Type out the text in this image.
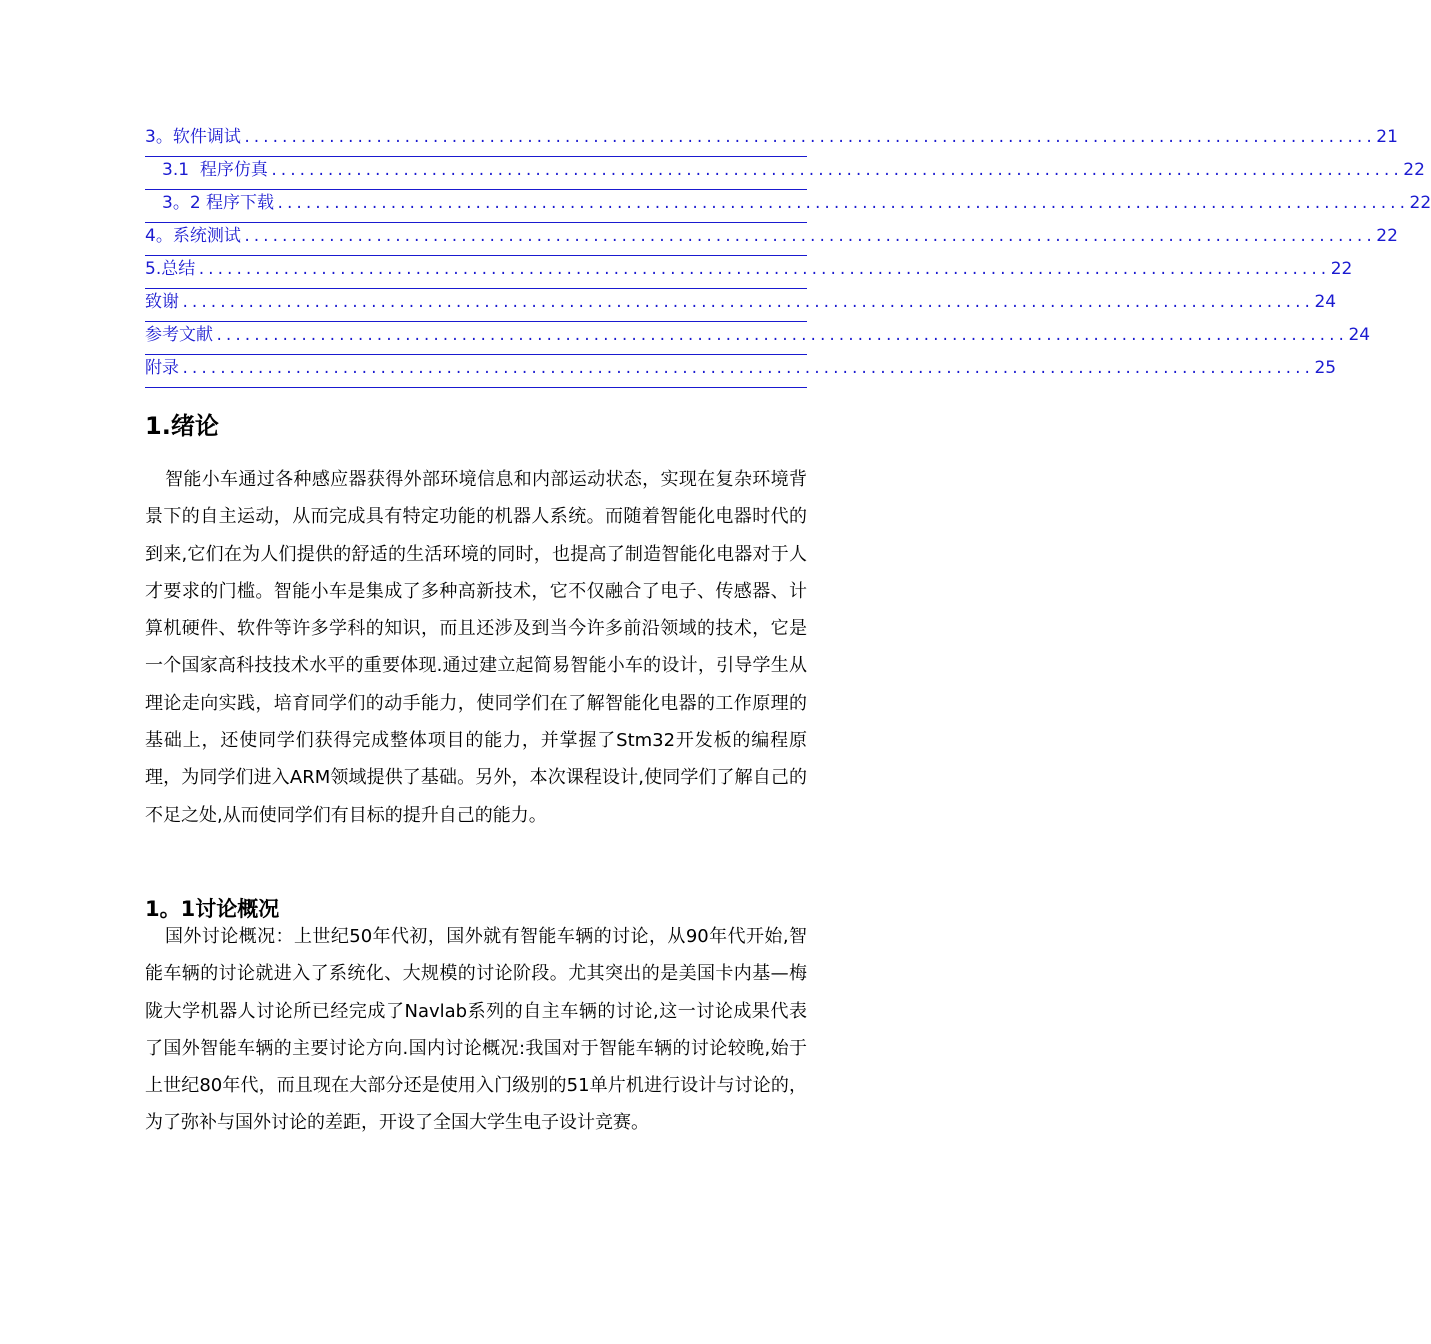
3。软件调试 ........................................................................................................................ 21
3.1  程序仿真 ........................................................................................................................ 22
3。2 程序下载 ........................................................................................................................ 22
4。系统测试 ........................................................................................................................ 22
5.总结 ........................................................................................................................ 22
致谢 ........................................................................................................................ 24
参考文献 ........................................................................................................................ 24
附录 ........................................................................................................................ 25
1.绪论

智能小车通过各种感应器获得外部环境信息和内部运动状态，实现在复杂环境背景下的自主运动，从而完成具有特定功能的机器人系统。而随着智能化电器时代的到来,它们在为人们提供的舒适的生活环境的同时，也提高了制造智能化电器对于人才要求的门槛。智能小车是集成了多种高新技术，它不仅融合了电子、传感器、计算机硬件、软件等许多学科的知识，而且还涉及到当今许多前沿领域的技术，它是一个国家高科技技术水平的重要体现.通过建立起简易智能小车的设计，引导学生从理论走向实践，培育同学们的动手能力，使同学们在了解智能化电器的工作原理的基础上，还使同学们获得完成整体项目的能力，并掌握了Stm32开发板的编程原理，为同学们进入ARM领域提供了基础。另外，本次课程设计,使同学们了解自己的不足之处,从而使同学们有目标的提升自己的能力。

1。1讨论概况

国外讨论概况：上世纪50年代初，国外就有智能车辆的讨论，从90年代开始,智能车辆的讨论就进入了系统化、大规模的讨论阶段。尤其突出的是美国卡内基—梅陇大学机器人讨论所已经完成了Navlab系列的自主车辆的讨论,这一讨论成果代表了国外智能车辆的主要讨论方向.国内讨论概况:我国对于智能车辆的讨论较晚,始于上世纪80年代，而且现在大部分还是使用入门级别的51单片机进行设计与讨论的，为了弥补与国外讨论的差距，开设了全国大学生电子设计竞赛。
